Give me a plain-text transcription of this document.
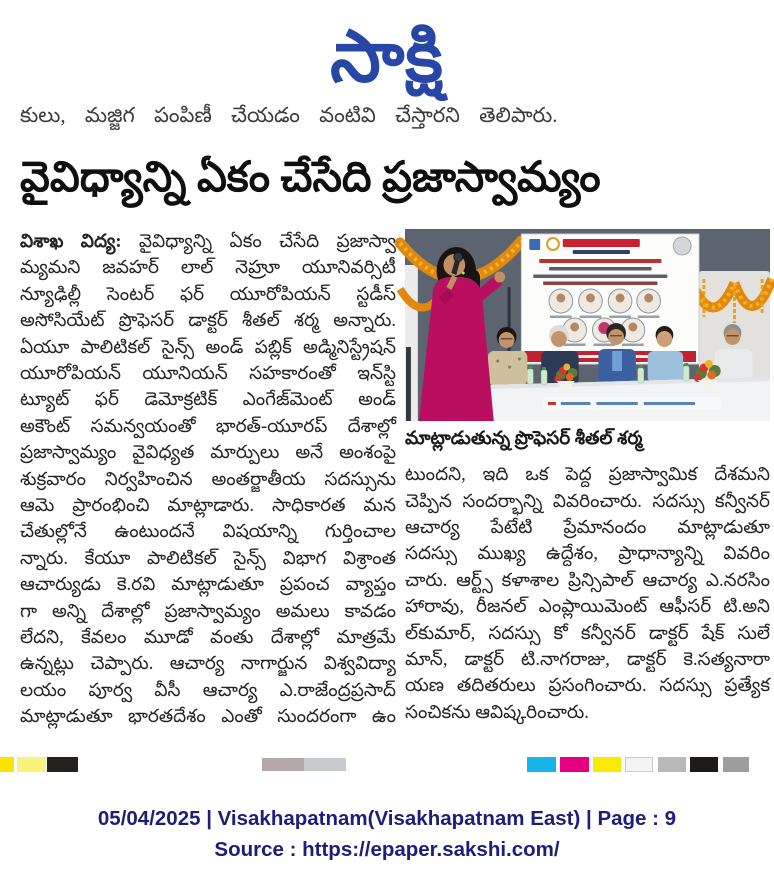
సాక్షి
కులు, మజ్జిగ పంపిణీ చేయడం వంటివి చేస్తారని తెలిపారు.
వైవిధ్యాన్ని ఏకం చేసేది ప్రజాస్వామ్యం
విశాఖ విద్య: వైవిధ్యాన్ని ఏకం చేసేది ప్రజాస్వా
మ్యమని జవహర్ లాల్ నెహ్రూ యూనివర్సిటీ
న్యూఢిల్లీ సెంటర్ ఫర్ యూరోపియన్ స్టడీస్
అసోసియేట్ ప్రొఫెసర్ డాక్టర్ శీతల్ శర్మ అన్నారు.
ఏయూ పాలిటికల్ సైన్స్ అండ్ పబ్లిక్ అడ్మినిస్ట్రేషన్
యూరోపియన్ యూనియన్ సహకారంతో ఇన్‌స్టి
ట్యూట్ ఫర్ డెమోక్రటిక్ ఎంగేజ్‌మెంట్ అండ్
అకౌంట్ సమన్వయంతో భారత్-యూరప్ దేశాల్లో
ప్రజాస్వామ్యం వైవిధ్యత మార్పులు అనే అంశంపై
శుక్రవారం నిర్వహించిన అంతర్జాతీయ సదస్సును
ఆమె ప్రారంభించి మాట్లాడారు. సాధికారత మన
చేతుల్లోనే ఉంటుందనే విషయాన్ని గుర్తించాల
న్నారు. కేయూ పాలిటికల్ సైన్స్ విభాగ విశ్రాంత
ఆచార్యుడు కె.రవి మాట్లాడుతూ ప్రపంచ వ్యాప్తం
గా అన్ని దేశాల్లో ప్రజాస్వామ్యం అమలు కావడం
లేదని, కేవలం మూడో వంతు దేశాల్లో మాత్రమే
ఉన్నట్లు చెప్పారు. ఆచార్య నాగార్జున విశ్వవిద్యా
లయం పూర్వ వీసీ ఆచార్య ఎ.రాజేంద్రప్రసాద్
మాట్లాడుతూ భారతదేశం ఎంతో సుందరంగా ఉం
మాట్లాడుతున్న ప్రొఫెసర్ శీతల్ శర్మ
టుందని, ఇది ఒక పెద్ద ప్రజాస్వామిక దేశమని
చెప్పిన సందర్భాన్ని వివరించారు. సదస్సు కన్వీనర్
ఆచార్య పేటేటి ప్రేమానందం మాట్లాడుతూ
సదస్సు ముఖ్య ఉద్దేశం, ప్రాధాన్యాన్ని వివరిం
చారు. ఆర్ట్స్ కళాశాల ప్రిన్సిపాల్ ఆచార్య ఎ.నరసిం
హారావు, రీజనల్ ఎంప్లాయిమెంట్ ఆఫీసర్ టి.అని
ల్‌కుమార్, సదస్సు కో కన్వీనర్ డాక్టర్ షేక్ సులే
మాన్, డాక్టర్ టి.నాగరాజు, డాక్టర్ కె.సత్యనారా
యణ తదితరులు ప్రసంగించారు. సదస్సు ప్రత్యేక
సంచికను ఆవిష్కరించారు.
05/04/2025 | Visakhapatnam(Visakhapatnam East) | Page : 9
Source : https://epaper.sakshi.com/
